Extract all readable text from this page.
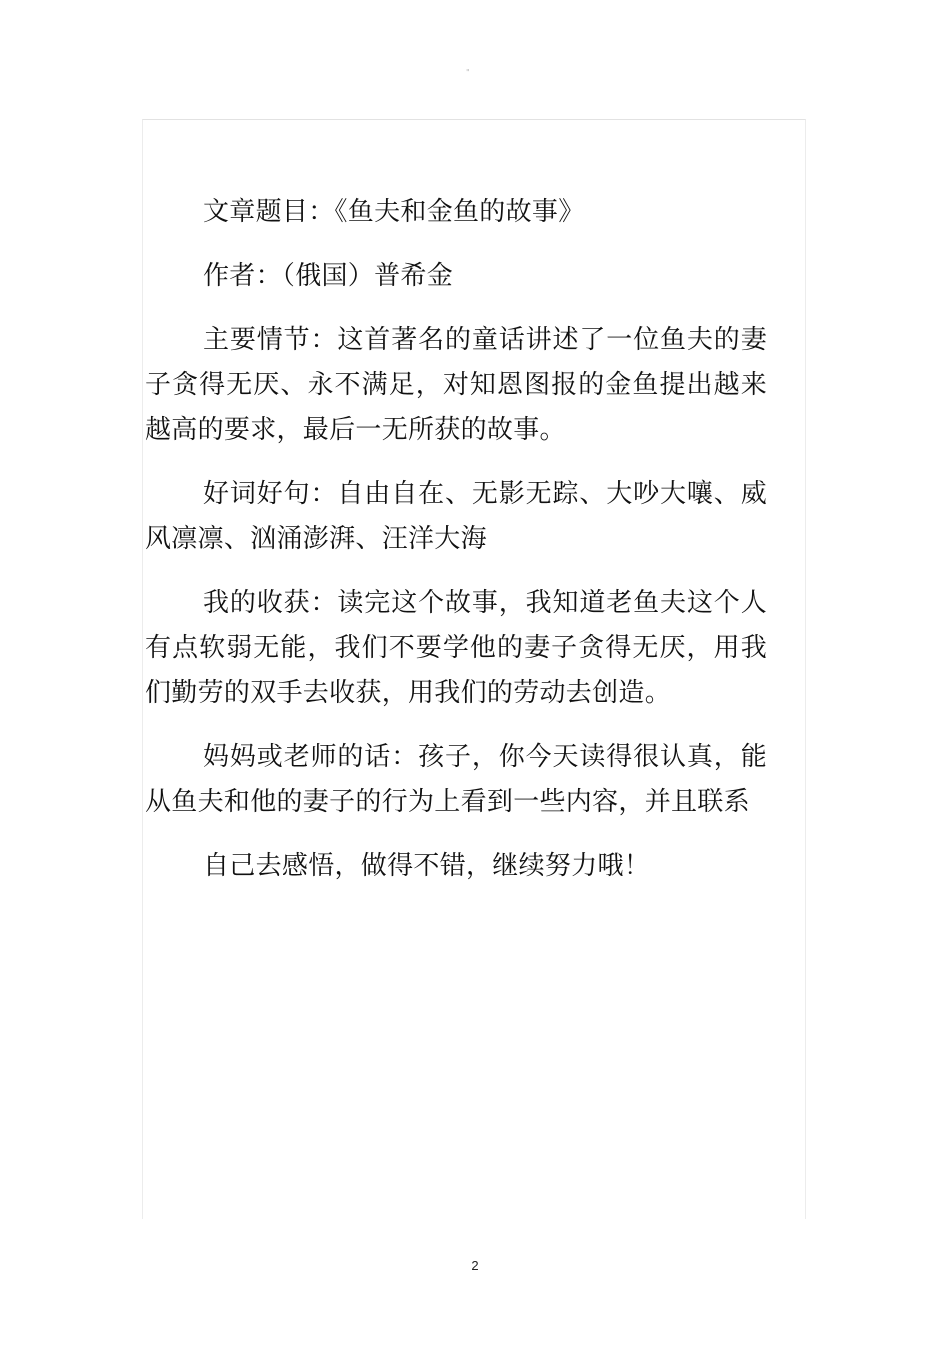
"

文章题目：《鱼夫和金鱼的故事》

作者：（俄国）普希金

主要情节：这首著名的童话讲述了一位鱼夫的妻子贪得无厌、永不满足，对知恩图报的金鱼提出越来越高的要求，最后一无所获的故事。

好词好句：自由自在、无影无踪、大吵大嚷、威风凛凛、汹涌澎湃、汪洋大海

我的收获：读完这个故事，我知道老鱼夫这个人有点软弱无能，我们不要学他的妻子贪得无厌，用我们勤劳的双手去收获，用我们的劳动去创造。

妈妈或老师的话：孩子，你今天读得很认真，能从鱼夫和他的妻子的行为上看到一些内容，并且联系

自己去感悟，做得不错，继续努力哦！

2
